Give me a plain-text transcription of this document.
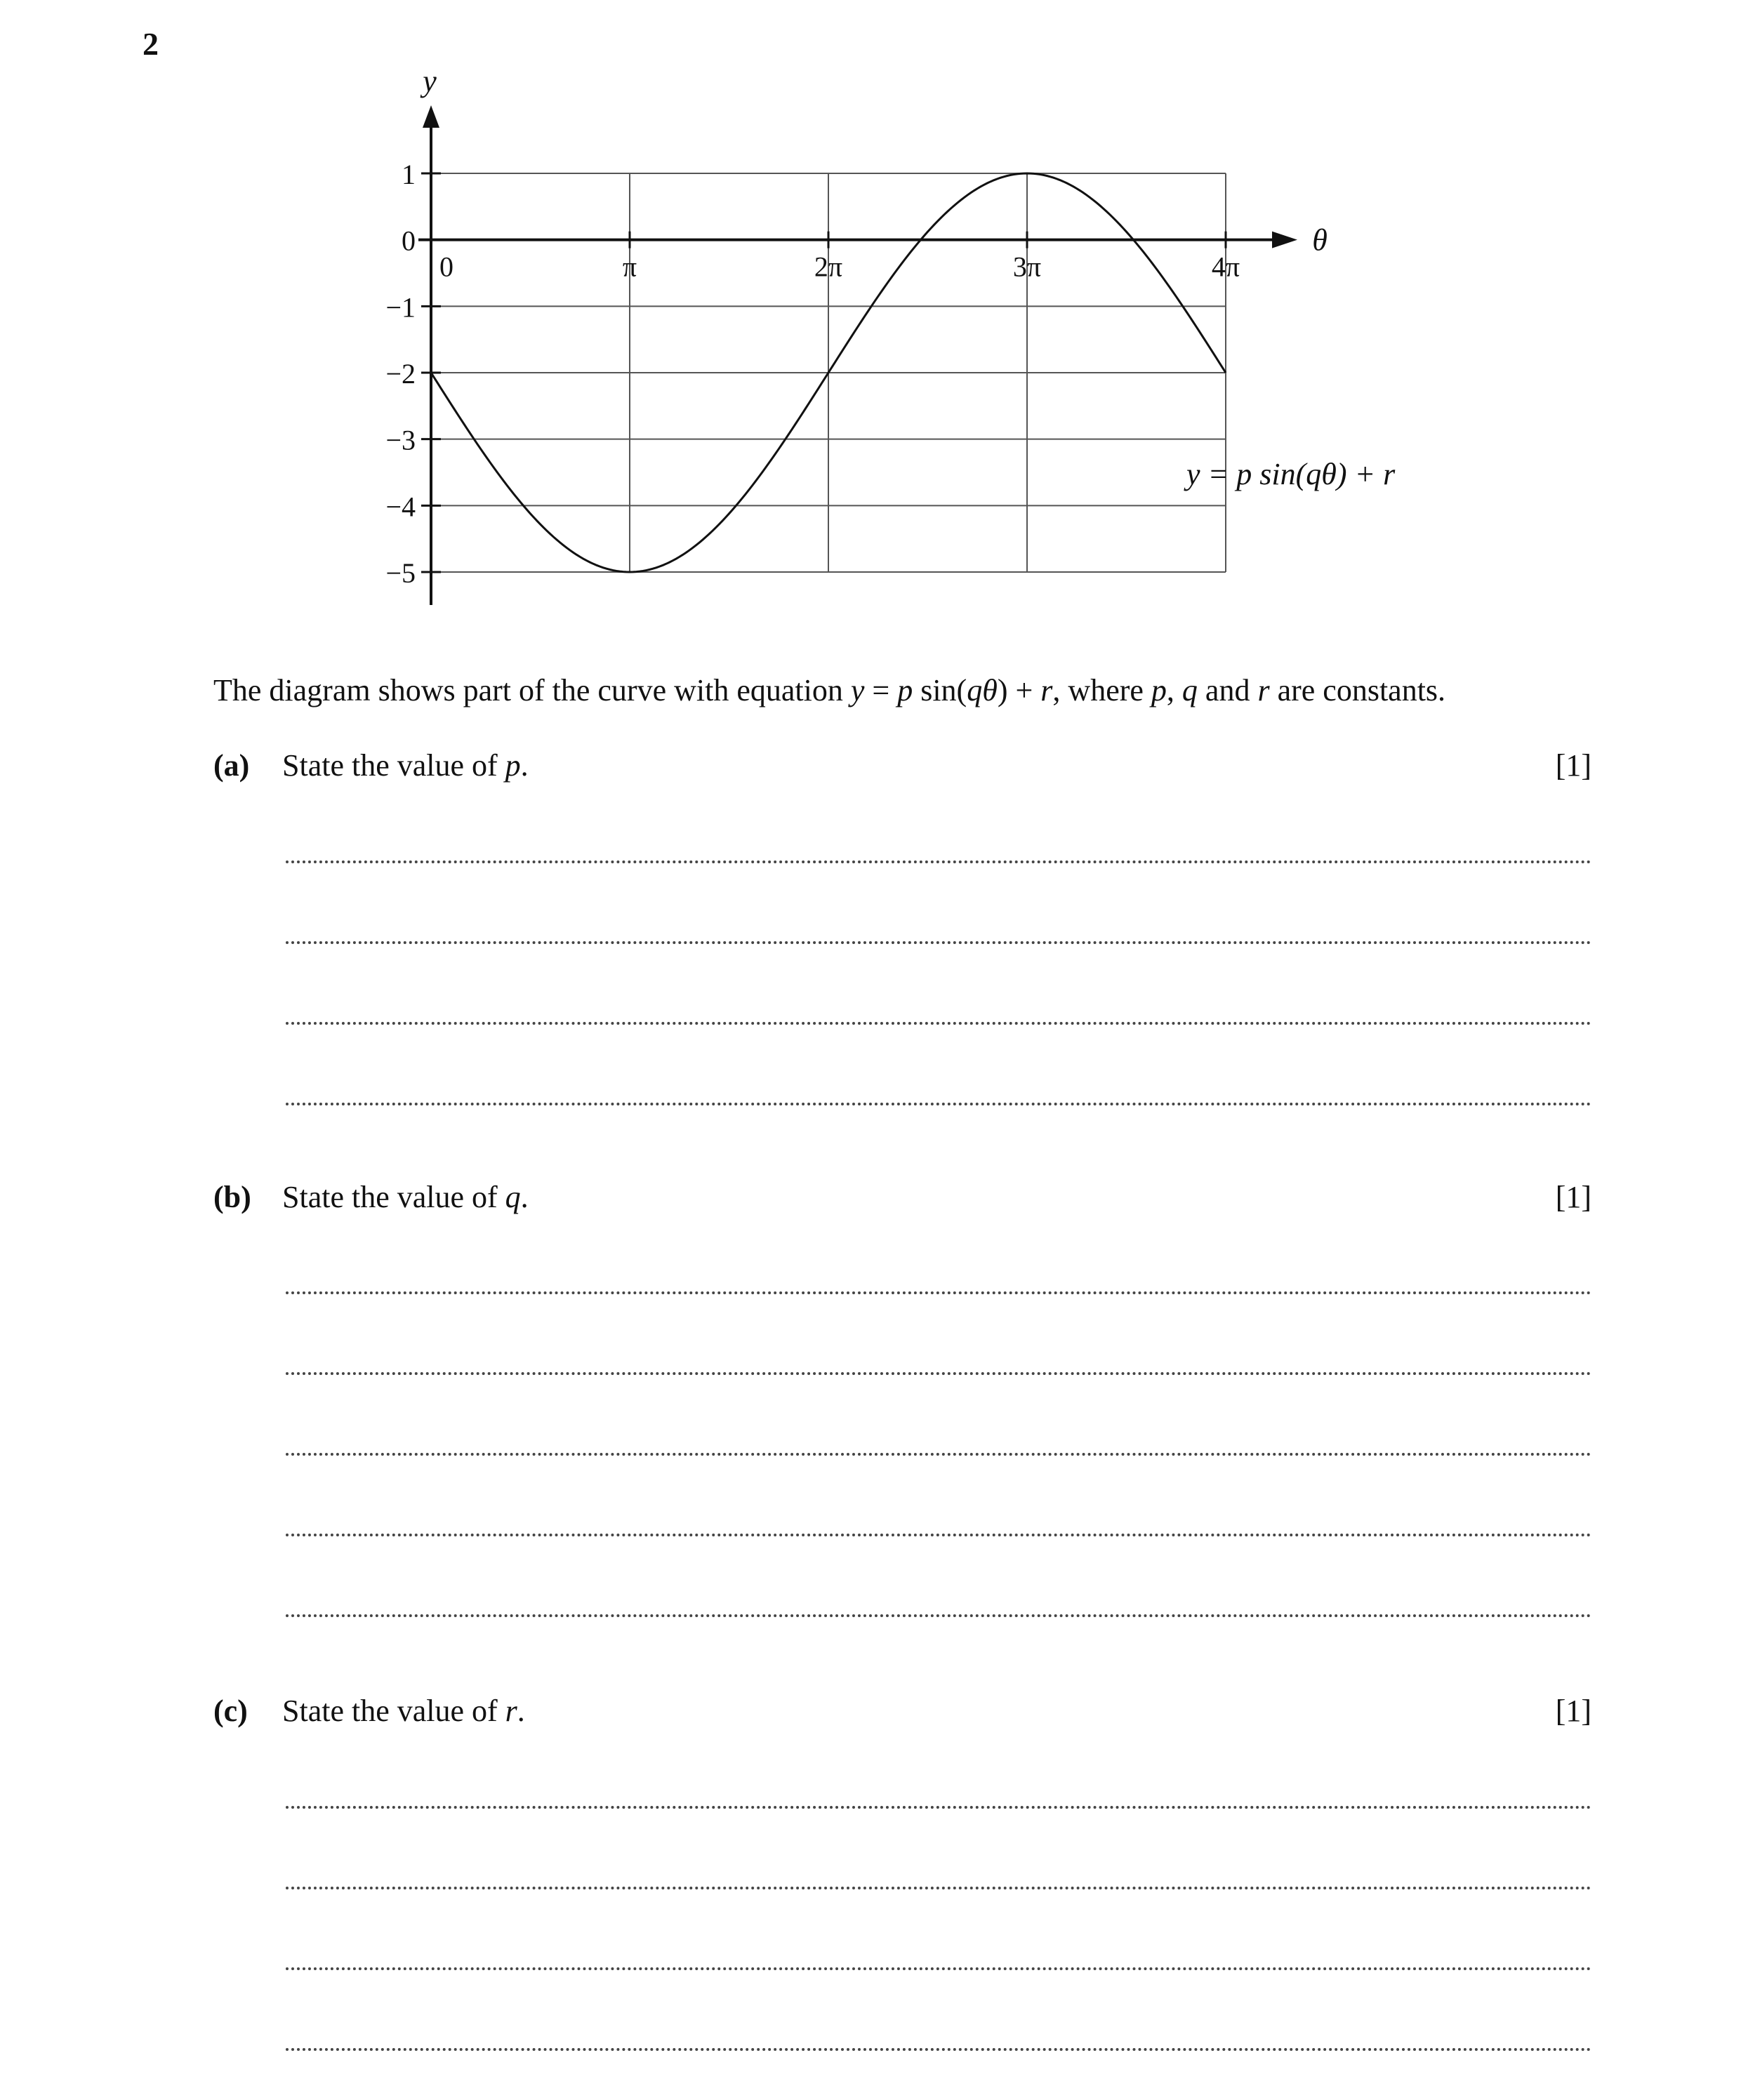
2
y
θ
1
0
−1
−2
−3
−4
−5
0	π	2π	3π	4π
y = p sin(qθ) + r
The diagram shows part of the curve with equation y = p sin(qθ) + r, where p, q and r are constants.
(a) State the value of p.	[1]
(b) State the value of q.	[1]
(c) State the value of r.	[1]
